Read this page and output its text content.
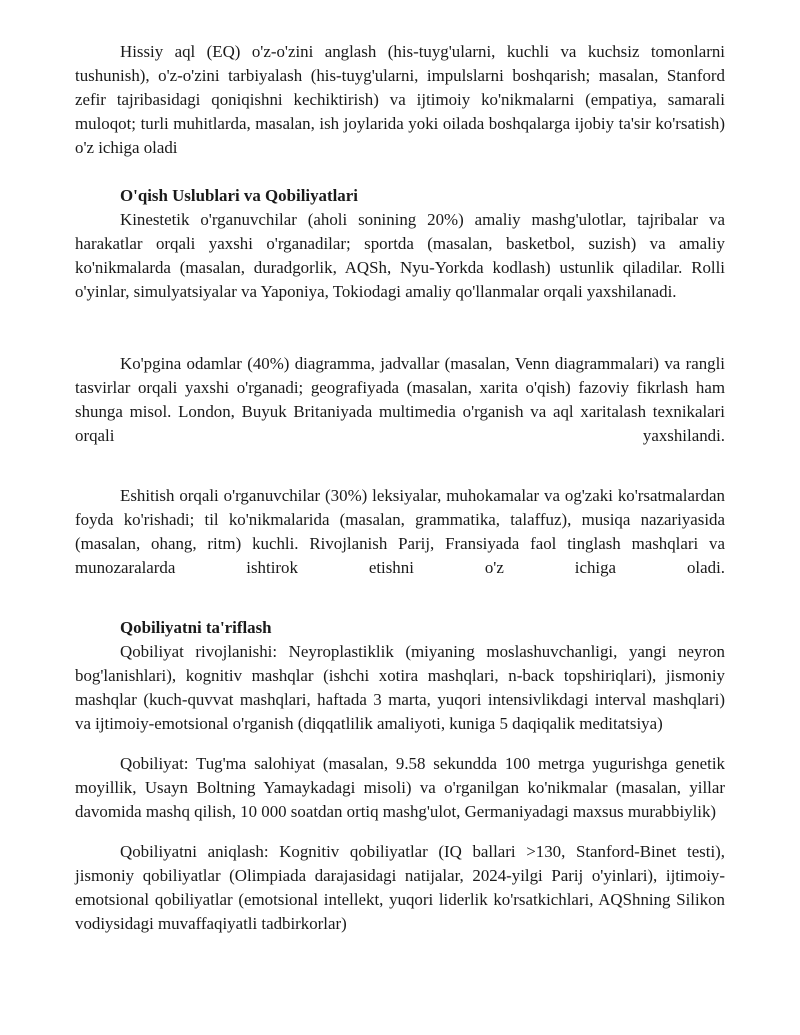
Hissiy aql (EQ) o'z-o'zini anglash (his-tuyg'ularni, kuchli va kuchsiz tomonlarni tushunish), o'z-o'zini tarbiyalash (his-tuyg'ularni, impulslarni boshqarish; masalan, Stanford zefir tajribasidagi qoniqishni kechiktirish) va ijtimoiy ko'nikmalarni (empatiya, samarali muloqot; turli muhitlarda, masalan, ish joylarida yoki oilada boshqalarga ijobiy ta'sir ko'rsatish) o'z ichiga oladi

O'qish Uslublari va Qobiliyatlari

Kinestetik o'rganuvchilar (aholi sonining 20%) amaliy mashg'ulotlar, tajribalar va harakatlar orqali yaxshi o'rganadilar; sportda (masalan, basketbol, suzish) va amaliy ko'nikmalarda (masalan, duradgorlik, AQSh, Nyu-Yorkda kodlash) ustunlik qiladilar. Rolli o'yinlar, simulyatsiyalar va Yaponiya, Tokiodagi amaliy qo'llanmalar orqali yaxshilanadi.

Ko'pgina odamlar (40%) diagramma, jadvallar (masalan, Venn diagrammalari) va rangli tasvirlar orqali yaxshi o'rganadi; geografiyada (masalan, xarita o'qish) fazoviy fikrlash ham shunga misol. London, Buyuk Britaniyada multimedia o'rganish va aql xaritalash texnikalari orqali yaxshilandi.

Eshitish orqali o'rganuvchilar (30%) leksiyalar, muhokamalar va og'zaki ko'rsatmalardan foyda ko'rishadi; til ko'nikmalarida (masalan, grammatika, talaffuz), musiqa nazariyasida (masalan, ohang, ritm) kuchli. Rivojlanish Parij, Fransiyada faol tinglash mashqlari va munozaralarda ishtirok etishni o'z ichiga oladi.

Qobiliyatni ta'riflash

Qobiliyat rivojlanishi: Neyroplastiklik (miyaning moslashuvchanligi, yangi neyron bog'lanishlari), kognitiv mashqlar (ishchi xotira mashqlari, n-back topshiriqlari), jismoniy mashqlar (kuch-quvvat mashqlari, haftada 3 marta, yuqori intensivlikdagi interval mashqlari) va ijtimoiy-emotsional o'rganish (diqqatlilik amaliyoti, kuniga 5 daqiqalik meditatsiya)

Qobiliyat: Tug'ma salohiyat (masalan, 9.58 sekundda 100 metrga yugurishga genetik moyillik, Usayn Boltning Yamaykadagi misoli) va o'rganilgan ko'nikmalar (masalan, yillar davomida mashq qilish, 10 000 soatdan ortiq mashg'ulot, Germaniyadagi maxsus murabbiylik)

Qobiliyatni aniqlash: Kognitiv qobiliyatlar (IQ ballari >130, Stanford-Binet testi), jismoniy qobiliyatlar (Olimpiada darajasidagi natijalar, 2024-yilgi Parij o'yinlari), ijtimoiy-emotsional qobiliyatlar (emotsional intellekt, yuqori liderlik ko'rsatkichlari, AQShning Silikon vodiysidagi muvaffaqiyatli tadbirkorlar)
